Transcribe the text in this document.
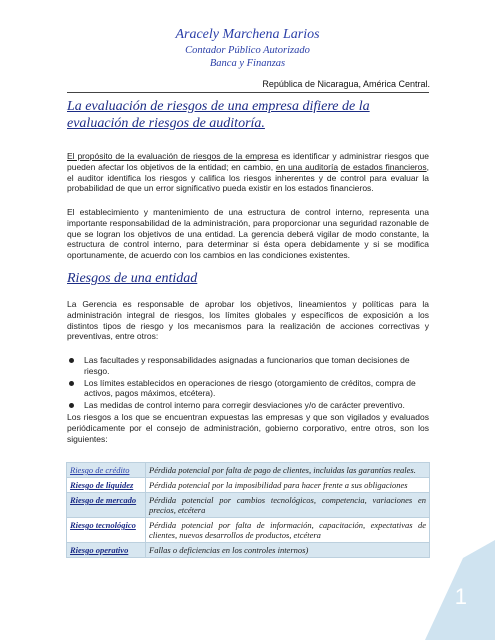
Aracely Marchena Larios
Contador Público Autorizado
Banca y Finanzas
República de Nicaragua, América Central.
La evaluación de riesgos de una empresa difiere de la evaluación de riesgos de auditoría.
El propósito de la evaluación de riesgos de la empresa es identificar y administrar riesgos que pueden afectar los objetivos de la entidad; en cambio, en una auditoría de estados financieros, el auditor identifica los riesgos y califica los riesgos inherentes y de control para evaluar la probabilidad de que un error significativo pueda existir en los estados financieros.
El establecimiento y mantenimiento de una estructura de control interno, representa una importante responsabilidad de la administración, para proporcionar una seguridad razonable de que se logran los objetivos de una entidad. La gerencia deberá vigilar de modo constante, la estructura de control interno, para determinar si ésta opera debidamente y si se modifica oportunamente, de acuerdo con los cambios en las condiciones existentes.
Riesgos de una entidad
La Gerencia es responsable de aprobar los objetivos, lineamientos y políticas para la administración integral de riesgos, los límites globales y específicos de exposición a los distintos tipos de riesgo y los mecanismos para la realización de acciones correctivas y preventivas, entre otros:
Las facultades y responsabilidades asignadas a funcionarios que toman decisiones de riesgo.
Los límites establecidos en operaciones de riesgo (otorgamiento de créditos, compra de activos, pagos máximos, etcétera).
Las medidas de control interno para corregir desviaciones y/o de carácter preventivo.
Los riesgos a los que se encuentran expuestas las empresas y que son vigilados y evaluados periódicamente por el consejo de administración, gobierno corporativo, entre otros, son los siguientes:
Riesgo de crédito	Pérdida potencial por falta de pago de clientes, incluidas las garantías reales.
Riesgo de liquidez	Pérdida potencial por la imposibilidad para hacer frente a sus obligaciones
Riesgo de mercado	Pérdida potencial por cambios tecnológicos, competencia, variaciones en precios, etcétera
Riesgo tecnológico	Pérdida potencial por falta de información, capacitación, expectativas de clientes, nuevos desarrollos de productos, etcétera
Riesgo operativo	Fallas o deficiencias en los controles internos)
1
